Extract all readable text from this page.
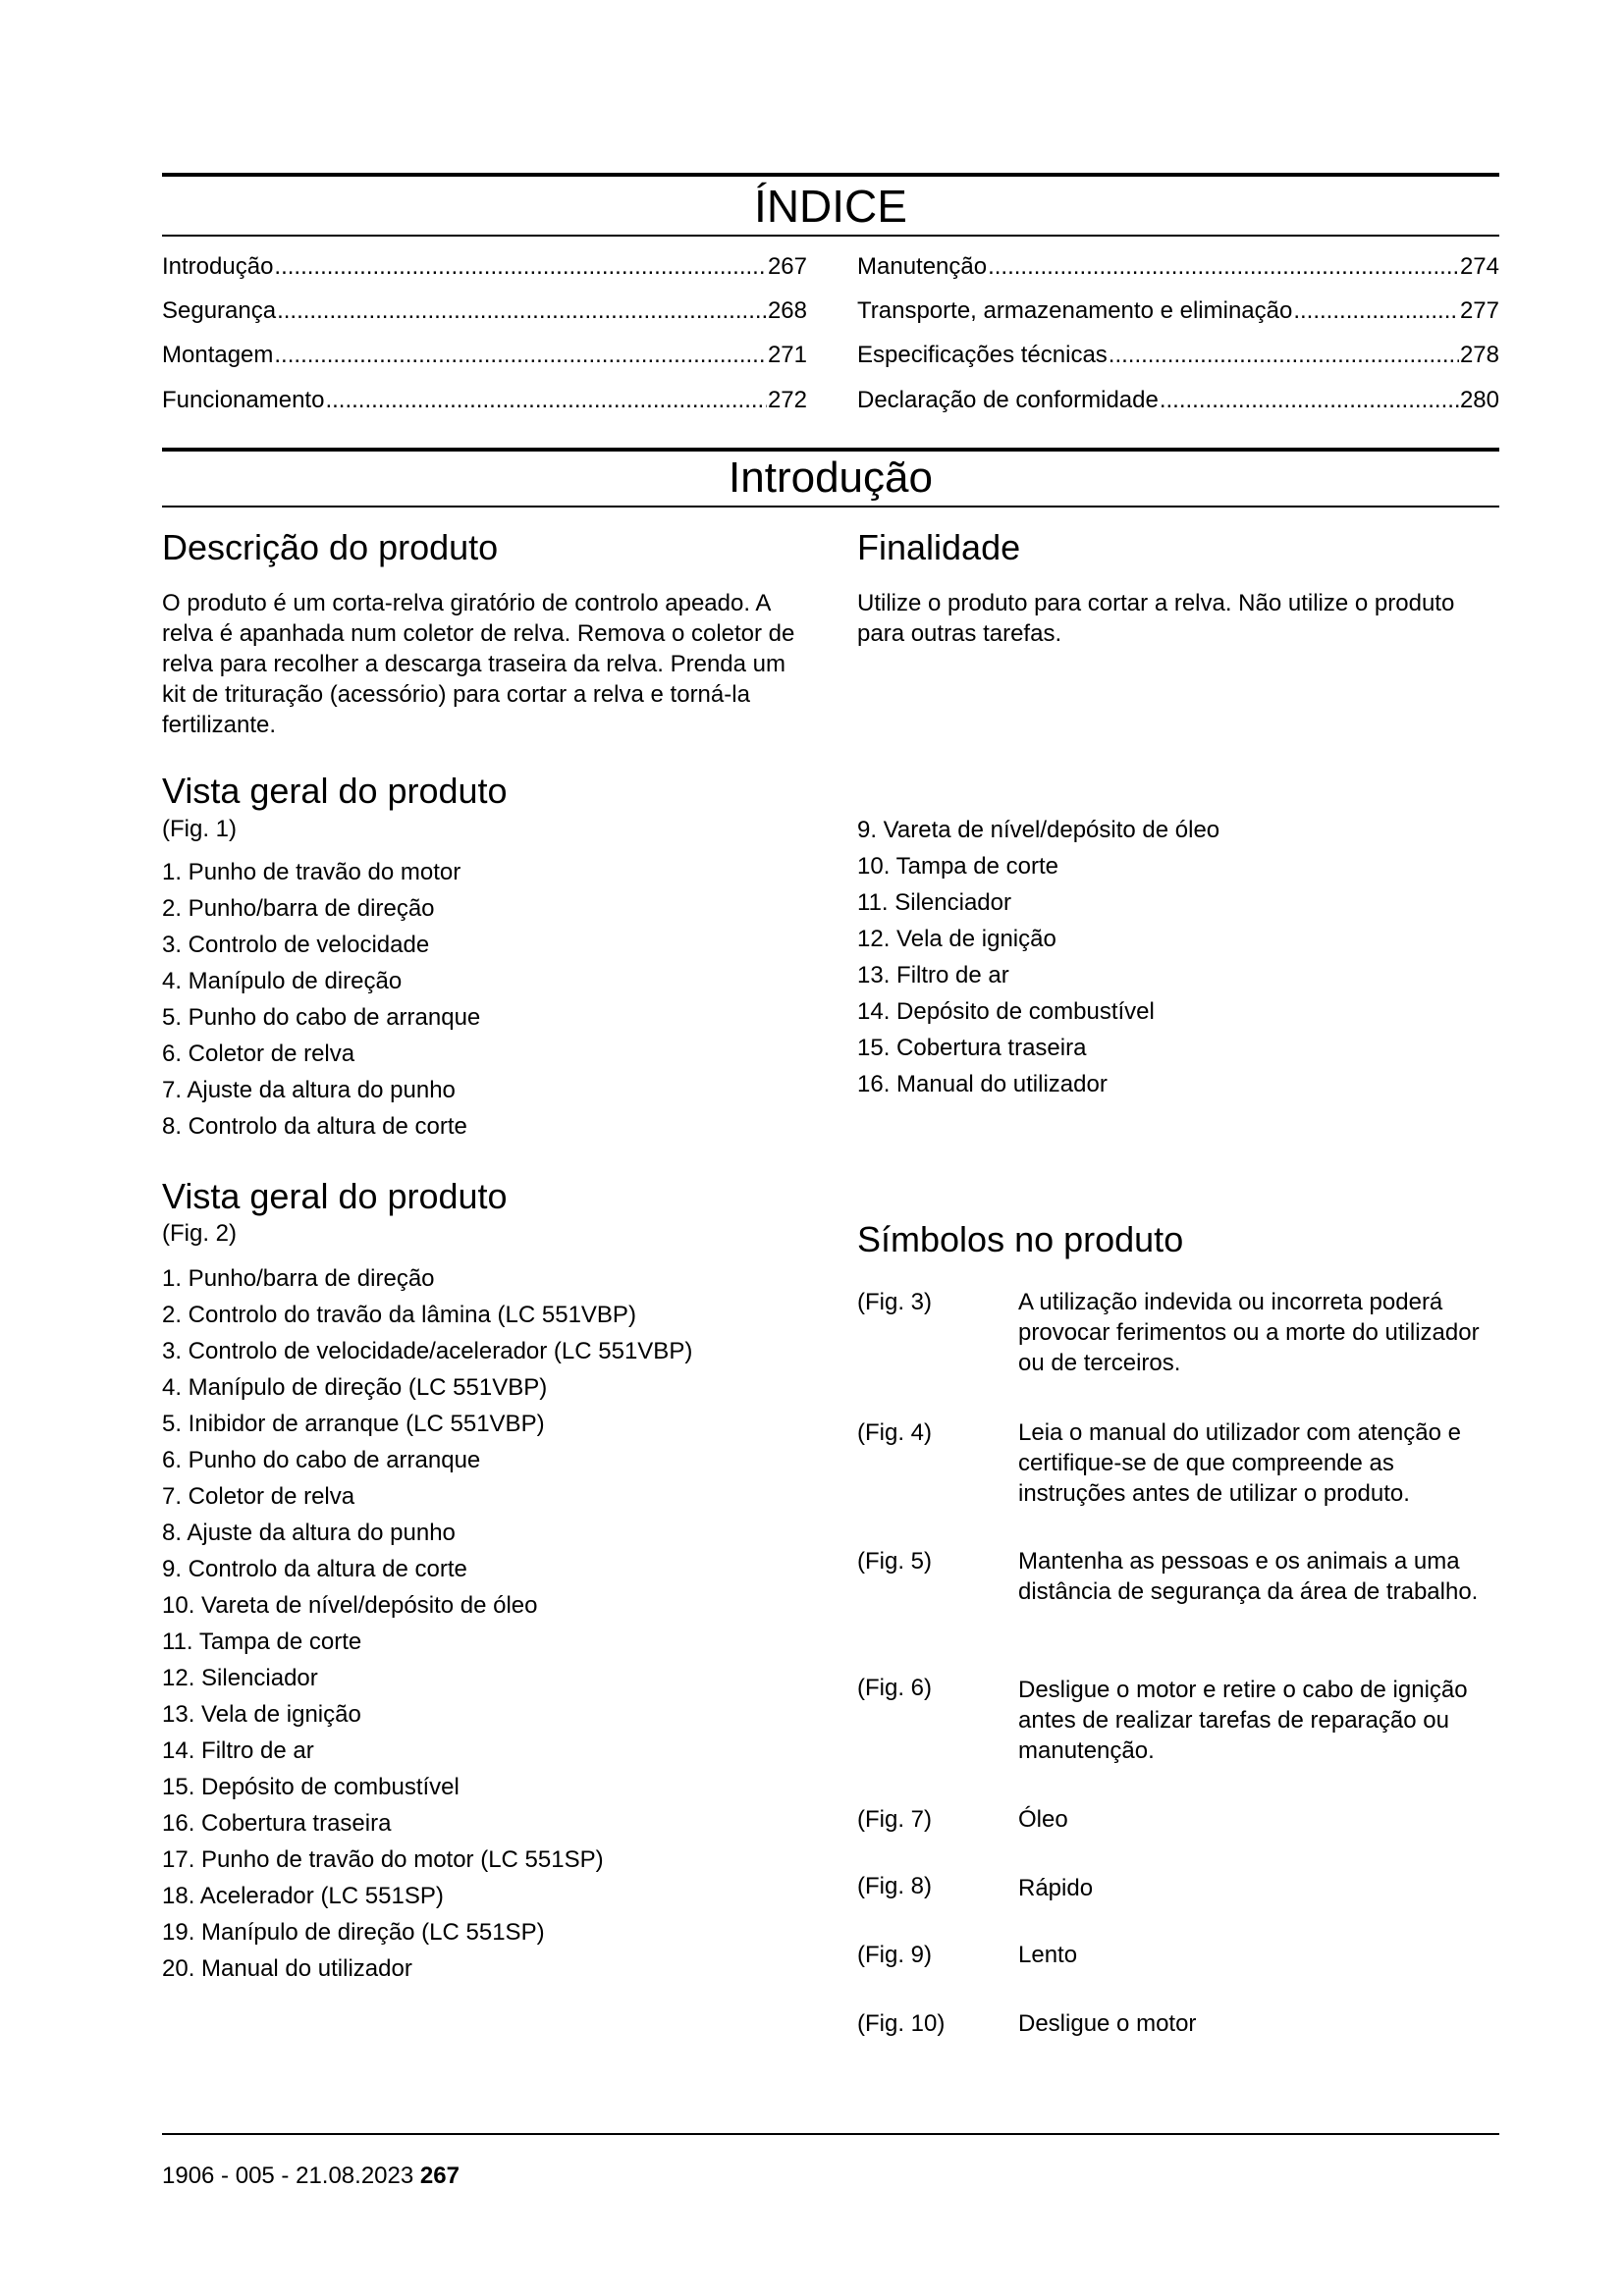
ÍNDICE
Introdução .....	267
Segurança .....	268
Montagem .....	271
Funcionamento .....	272
Manutenção .....	274
Transporte, armazenamento e eliminação .....	277
Especificações técnicas .....	278
Declaração de conformidade .....	280
Introdução
Descrição do produto
O produto é um corta-relva giratório de controlo apeado. A relva é apanhada num coletor de relva. Remova o coletor de relva para recolher a descarga traseira da relva. Prenda um kit de trituração (acessório) para cortar a relva e torná-la fertilizante.
Finalidade
Utilize o produto para cortar a relva. Não utilize o produto para outras tarefas.
Vista geral do produto
(Fig. 1)
1. Punho de travão do motor
2. Punho/barra de direção
3. Controlo de velocidade
4. Manípulo de direção
5. Punho do cabo de arranque
6. Coletor de relva
7. Ajuste da altura do punho
8. Controlo da altura de corte
9. Vareta de nível/depósito de óleo
10. Tampa de corte
11. Silenciador
12. Vela de ignição
13. Filtro de ar
14. Depósito de combustível
15. Cobertura traseira
16. Manual do utilizador
Vista geral do produto
(Fig. 2)
1. Punho/barra de direção
2. Controlo do travão da lâmina (LC 551VBP)
3. Controlo de velocidade/acelerador (LC 551VBP)
4. Manípulo de direção (LC 551VBP)
5. Inibidor de arranque (LC 551VBP)
6. Punho do cabo de arranque
7. Coletor de relva
8. Ajuste da altura do punho
9. Controlo da altura de corte
10. Vareta de nível/depósito de óleo
11. Tampa de corte
12. Silenciador
13. Vela de ignição
14. Filtro de ar
15. Depósito de combustível
16. Cobertura traseira
17. Punho de travão do motor (LC 551SP)
18. Acelerador (LC 551SP)
19. Manípulo de direção (LC 551SP)
20. Manual do utilizador
Símbolos no produto
(Fig. 3)	A utilização indevida ou incorreta poderá provocar ferimentos ou a morte do utilizador ou de terceiros.
(Fig. 4)	Leia o manual do utilizador com atenção e certifique-se de que compreende as instruções antes de utilizar o produto.
(Fig. 5)	Mantenha as pessoas e os animais a uma distância de segurança da área de trabalho.
(Fig. 6)	Desligue o motor e retire o cabo de ignição antes de realizar tarefas de reparação ou manutenção.
(Fig. 7)	Óleo
(Fig. 8)	Rápido
(Fig. 9)	Lento
(Fig. 10)	Desligue o motor
1906 - 005 - 21.08.2023 267
